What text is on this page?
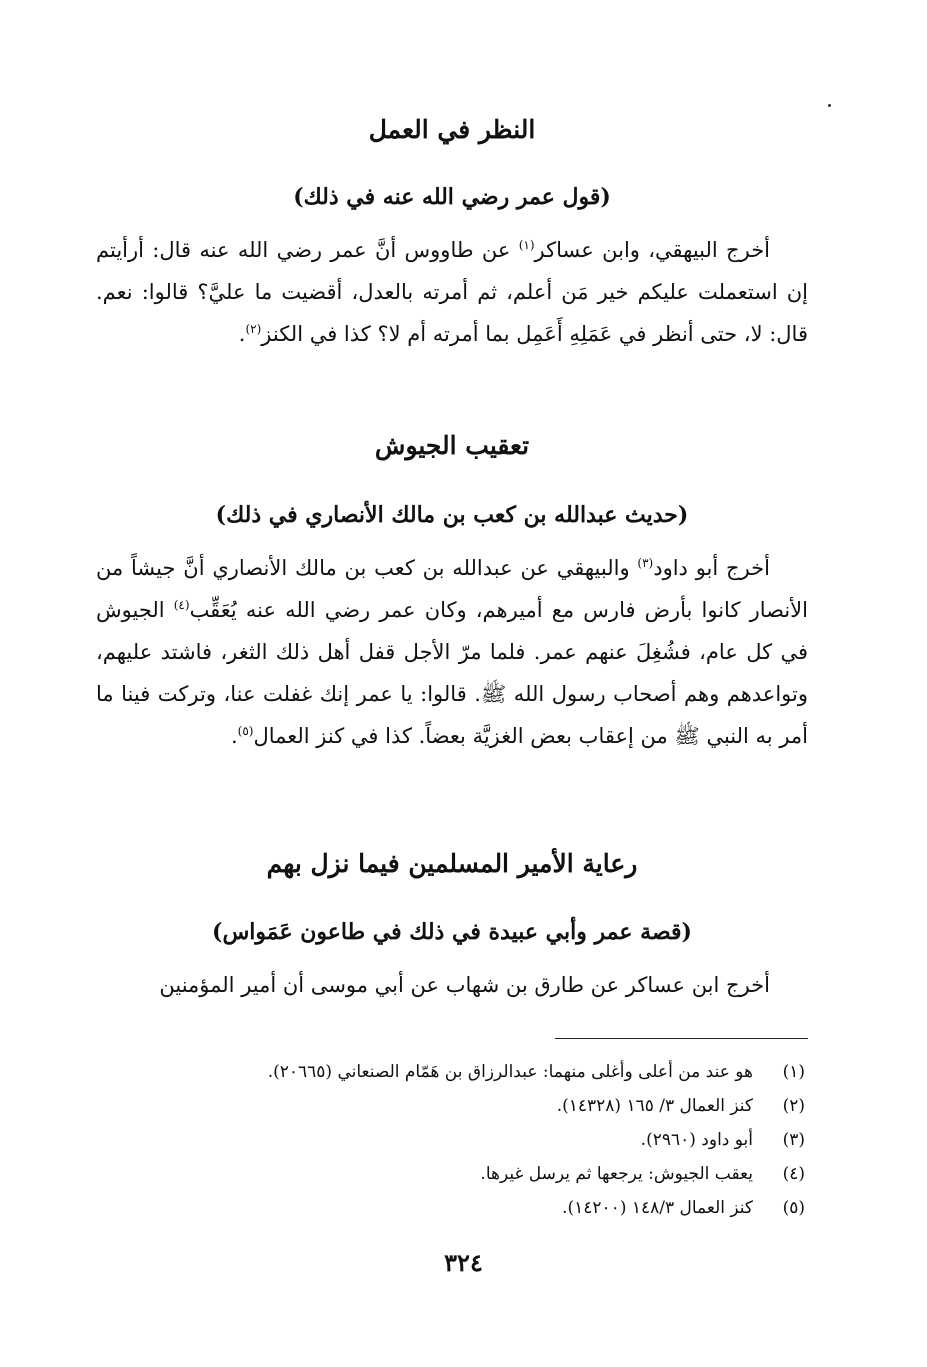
النظر في العمل
(قول عمر رضي الله عنه في ذلك)

أخرج البيهقي، وابن عساكر$^{(١)}$ عن طاووس أنَّ عمر رضي الله عنه قال: أرأيتم إن استعملت عليكم خير مَن أعلم، ثم أمرته بالعدل، أقضيت ما عليَّ؟ قالوا: نعم. قال: لا، حتى أنظر في عَمَلِهِ أَعَمِل بما أمرته أم لا؟ كذا في الكنز$^{(٢)}$.

تعقيب الجيوش
(حديث عبدالله بن كعب بن مالك الأنصاري في ذلك)

أخرج أبو داود$^{(٣)}$ والبيهقي عن عبدالله بن كعب بن مالك الأنصاري أنَّ جيشاً من الأنصار كانوا بأرض فارس مع أميرهم، وكان عمر رضي الله عنه يُعَقِّب$^{(٤)}$ الجيوش في كل عام، فشُغِلَ عنهم عمر. فلما مرّ الأجل قفل أهل ذلك الثغر، فاشتد عليهم، وتواعدهم وهم أصحاب رسول الله ﷺ. قالوا: يا عمر إنك غفلت عنا، وتركت فينا ما أمر به النبي ﷺ من إعقاب بعض الغزيَّة بعضاً. كذا في كنز العمال$^{(٥)}$.

رعاية الأمير المسلمين فيما نزل بهم
(قصة عمر وأبي عبيدة في ذلك في طاعون عَمَواس)

أخرج ابن عساكر عن طارق بن شهاب عن أبي موسى أن أمير المؤمنين

(١)
هو عند من أعلى وأغلى منهما: عبدالرزاق بن هَمّام الصنعاني (٢٠٦٦٥).
(٢)
كنز العمال ٣/ ١٦٥ (١٤٣٢٨).
(٣)
أبو داود (٢٩٦٠).
(٤)
يعقب الجيوش: يرجعها ثم يرسل غيرها.
(٥)
كنز العمال ١٤٨/٣ (١٤٢٠٠).
٣٢٤
